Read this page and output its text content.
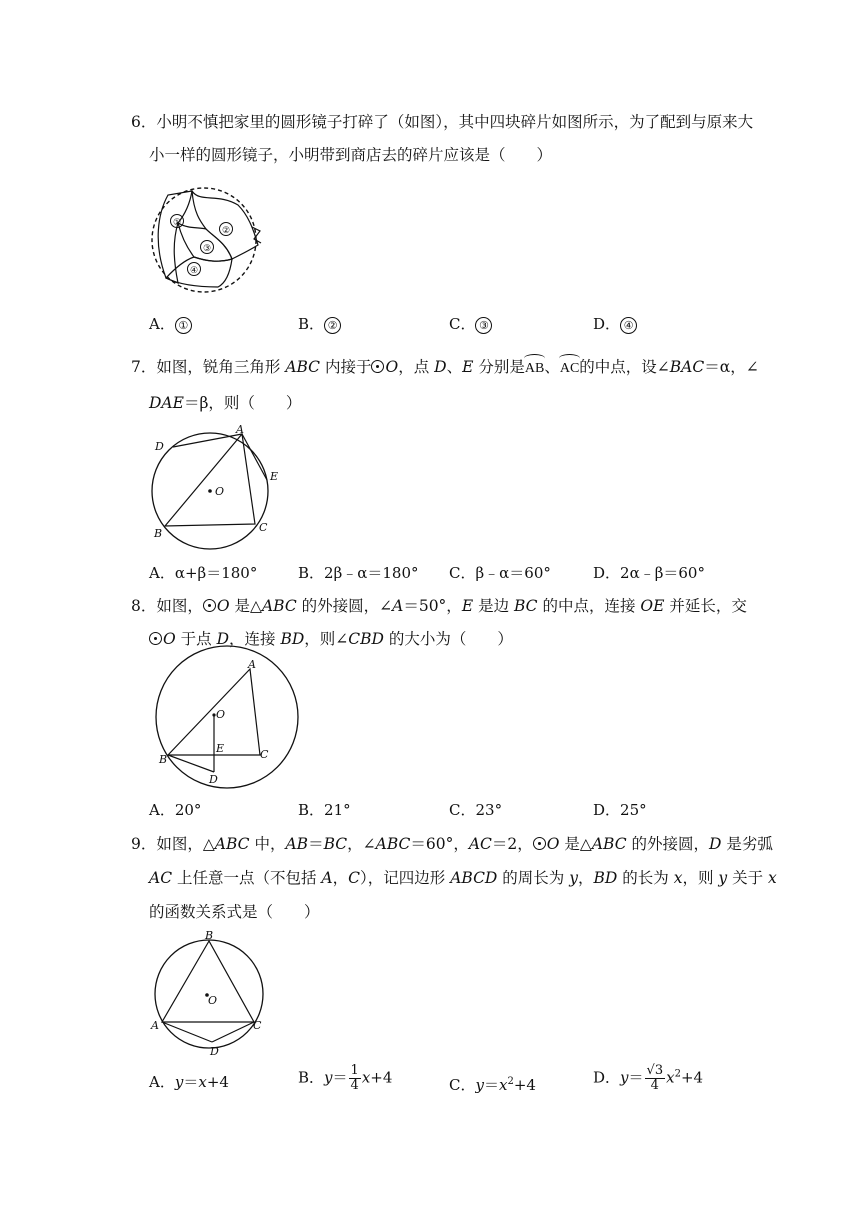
6．小明不慎把家里的圆形镜子打碎了（如图），其中四块碎片如图所示，为了配到与原来大
小一样的圆形镜子，小明带到商店去的碎片应该是（　　）
①
②
③
④
A． ①	B． ②	C． ③	D． ④
7．如图，锐角三角形 ABC 内接于 O，点 D、E 分别是AB、AC的中点，设∠BAC＝α，∠
DAE＝β，则（　　）
A
D
E
O
B	C
A．α+β＝180°	B．2β﹣α＝180° C．β﹣α＝60°	D．2α﹣β＝60°
8．如图， O 是△ABC 的外接圆，∠A＝50°，E 是边 BC 的中点，连接 OE 并延长，交
O 于点 D，连接 BD，则∠CBD 的大小为（　　）
A
O
E
B	C
D
A．20°	B．21°	C．23°	D．25°
9．如图，△ABC 中，AB＝BC，∠ABC＝60°，AC＝2， O 是△ABC 的外接圆，D 是劣弧
AC 上任意一点（不包括 A，C），记四边形 ABCD 的周长为 y，BD 的长为 x，则 y 关于 x
的函数关系式是（　　）
B
O
A	C
D
A．y＝x+4	B．$y= \frac{1}{4} x+4$	C．$y=x^2+4$	D．$y= \frac{√3}{4} x^2+4$
